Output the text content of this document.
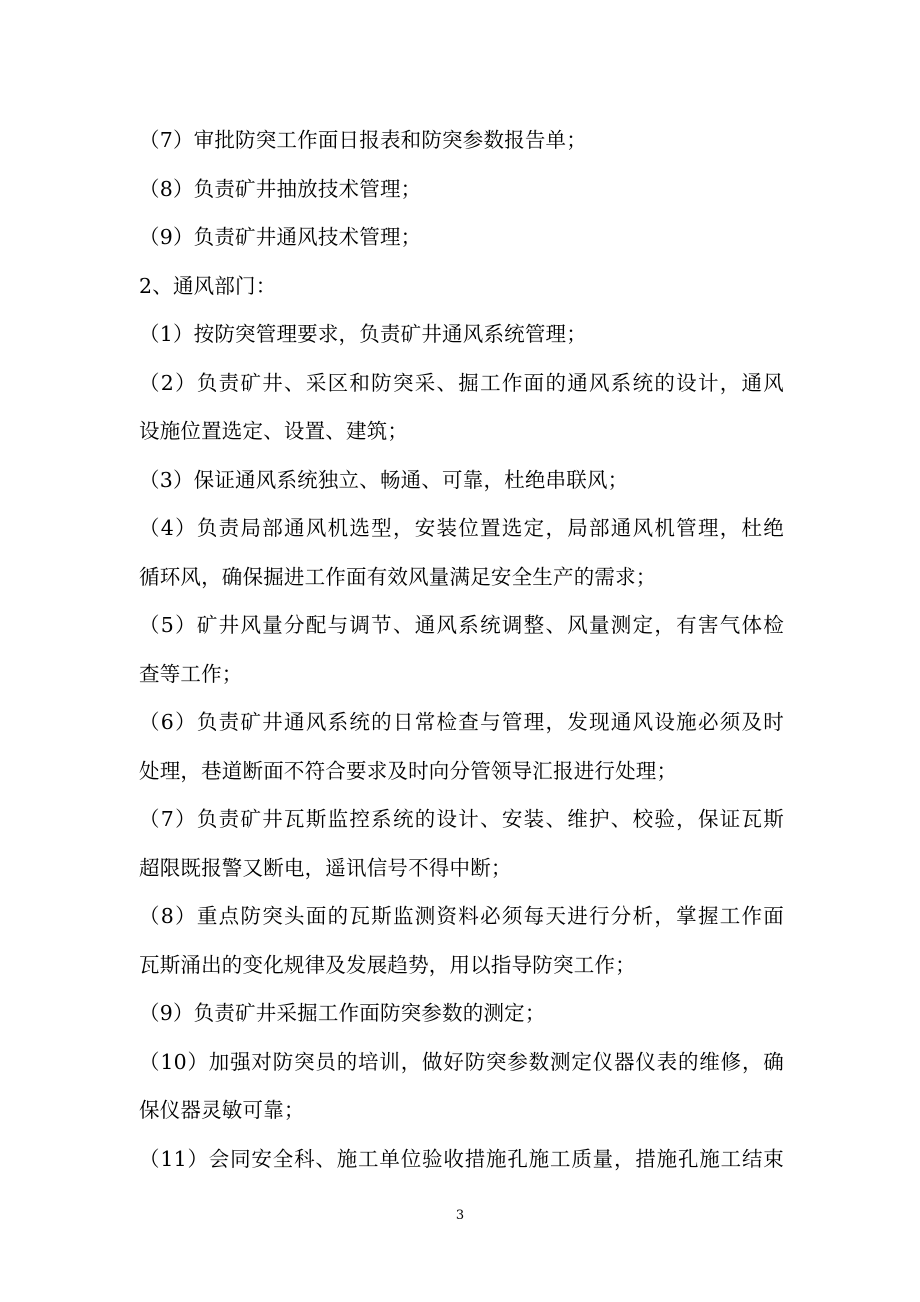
（7）审批防突工作面日报表和防突参数报告单；
（8）负责矿井抽放技术管理；
（9）负责矿井通风技术管理；
2、通风部门：
（1）按防突管理要求，负责矿井通风系统管理；
（2）负责矿井、采区和防突采、掘工作面的通风系统的设计，通风
设施位置选定、设置、建筑；
（3）保证通风系统独立、畅通、可靠，杜绝串联风；
（4）负责局部通风机选型，安装位置选定，局部通风机管理，杜绝
循环风，确保掘进工作面有效风量满足安全生产的需求；
（5）矿井风量分配与调节、通风系统调整、风量测定，有害气体检
查等工作；
（6）负责矿井通风系统的日常检查与管理，发现通风设施必须及时
处理，巷道断面不符合要求及时向分管领导汇报进行处理；
（7）负责矿井瓦斯监控系统的设计、安装、维护、校验，保证瓦斯
超限既报警又断电，遥讯信号不得中断；
（8）重点防突头面的瓦斯监测资料必须每天进行分析，掌握工作面
瓦斯涌出的变化规律及发展趋势，用以指导防突工作；
（9）负责矿井采掘工作面防突参数的测定；
（10）加强对防突员的培训，做好防突参数测定仪器仪表的维修，确
保仪器灵敏可靠；
（11）会同安全科、施工单位验收措施孔施工质量，措施孔施工结束
3
